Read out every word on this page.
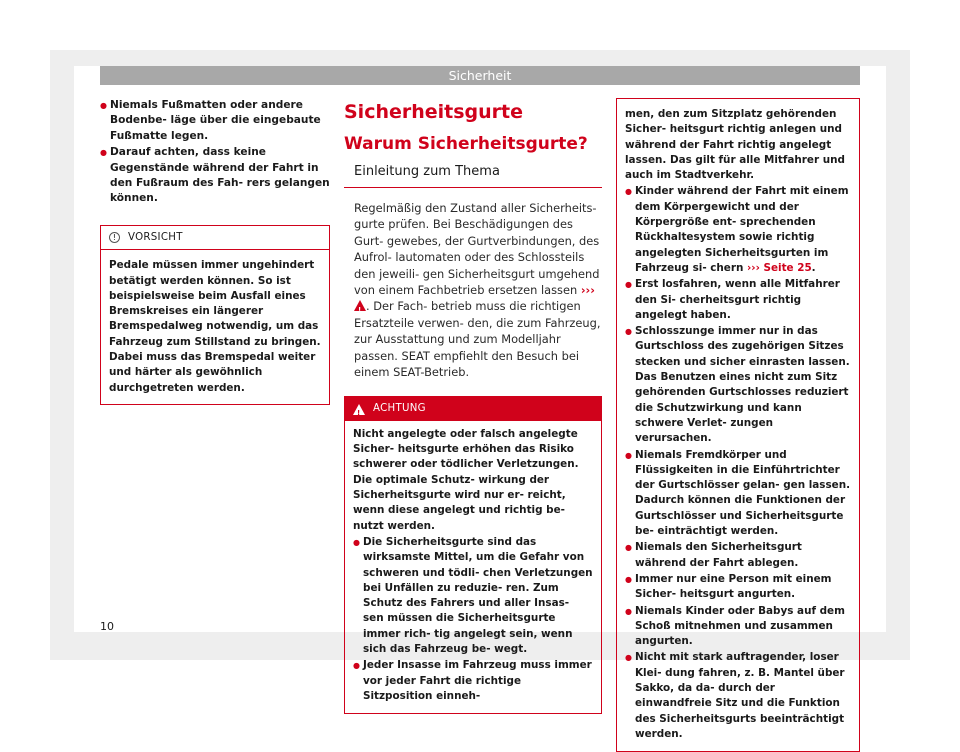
Sicherheit
● Niemals Fußmatten oder andere Bodenbe- läge über die eingebaute Fußmatte legen.
● Darauf achten, dass keine Gegenstände während der Fahrt in den Fußraum des Fah- rers gelangen können.
!	VORSICHT
Pedale müssen immer ungehindert betätigt werden können. So ist beispielsweise beim Ausfall eines Bremskreises ein längerer Bremspedalweg notwendig, um das Fahrzeug zum Stillstand zu bringen. Dabei muss das Bremspedal weiter und härter als gewöhnlich durchgetreten werden.
Sicherheitsgurte
Warum Sicherheitsgurte?
Einleitung zum Thema

Regelmäßig den Zustand aller Sicherheits- gurte prüfen. Bei Beschädigungen des Gurt- gewebes, der Gurtverbindungen, des Aufrol- lautomaten oder des Schlossteils den jeweili- gen Sicherheitsgurt umgehend von einem Fachbetrieb ersetzen lassen ››› !. Der Fach- betrieb muss die richtigen Ersatzteile verwen- den, die zum Fahrzeug, zur Ausstattung und zum Modelljahr passen. SEAT empfiehlt den Besuch bei einem SEAT-Betrieb.

!
ACHTUNG

Nicht angelegte oder falsch angelegte Sicher- heitsgurte erhöhen das Risiko schwerer oder tödlicher Verletzungen. Die optimale Schutz- wirkung der Sicherheitsgurte wird nur er- reicht, wenn diese angelegt und richtig be- nutzt werden.

● Die Sicherheitsgurte sind das wirksamste Mittel, um die Gefahr von schweren und tödli- chen Verletzungen bei Unfällen zu reduzie- ren. Zum Schutz des Fahrers und aller Insas- sen müssen die Sicherheitsgurte immer rich- tig angelegt sein, wenn sich das Fahrzeug be- wegt.
● Jeder Insasse im Fahrzeug muss immer vor jeder Fahrt die richtige Sitzposition einneh-

men, den zum Sitzplatz gehörenden Sicher- heitsgurt richtig anlegen und während der Fahrt richtig angelegt lassen. Das gilt für alle Mitfahrer und auch im Stadtverkehr.

● Kinder während der Fahrt mit einem dem Körpergewicht und der Körpergröße ent- sprechenden Rückhaltesystem sowie richtig angelegten Sicherheitsgurten im Fahrzeug si- chern ››› Seite 25.
● Erst losfahren, wenn alle Mitfahrer den Si- cherheitsgurt richtig angelegt haben.
● Schlosszunge immer nur in das Gurtschloss des zugehörigen Sitzes stecken und sicher einrasten lassen. Das Benutzen eines nicht zum Sitz gehörenden Gurtschlosses reduziert die Schutzwirkung und kann schwere Verlet- zungen verursachen.
● Niemals Fremdkörper und Flüssigkeiten in die Einführtrichter der Gurtschlösser gelan- gen lassen. Dadurch können die Funktionen der Gurtschlösser und Sicherheitsgurte be- einträchtigt werden.
● Niemals den Sicherheitsgurt während der Fahrt ablegen.
● Immer nur eine Person mit einem Sicher- heitsgurt angurten.
● Niemals Kinder oder Babys auf dem Schoß mitnehmen und zusammen angurten.
● Nicht mit stark auftragender, loser Klei- dung fahren, z. B. Mantel über Sakko, da da- durch der einwandfreie Sitz und die Funktion des Sicherheitsgurts beeinträchtigt werden.
10
